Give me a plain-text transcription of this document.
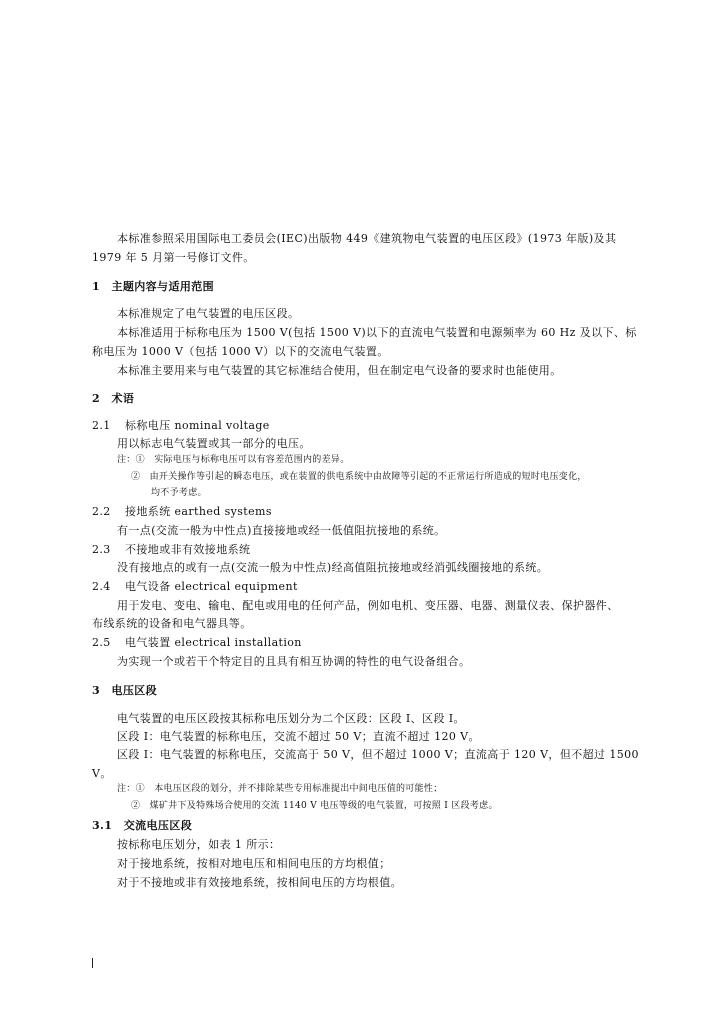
本标准参照采用国际电工委员会(IEC)出版物 449《建筑物电气装置的电压区段》(1973 年版)及其
1979 年 5 月第一号修订文件。
1　主题内容与适用范围
本标准规定了电气装置的电压区段。
本标准适用于标称电压为 1500 V(包括 1500 V)以下的直流电气装置和电源频率为 60 Hz 及以下、标
称电压为 1000 V（包括 1000 V）以下的交流电气装置。
本标准主要用来与电气装置的其它标准结合使用，但在制定电气设备的要求时也能使用。
2　术语
2.1 标称电压 nominal voltage
用以标志电气装置或其一部分的电压。
注：①　实际电压与标称电压可以有容差范围内的差异。
②　由开关操作等引起的瞬态电压，或在装置的供电系统中由故障等引起的不正常运行所造成的短时电压变化，
均不予考虑。
2.2 接地系统 earthed systems
有一点(交流一般为中性点)直接接地或经一低值阻抗接地的系统。
2.3 不接地或非有效接地系统
没有接地点的或有一点(交流一般为中性点)经高值阻抗接地或经消弧线圈接地的系统。
2.4 电气设备 electrical equipment
用于发电、变电、输电、配电或用电的任何产品，例如电机、变压器、电器、测量仪表、保护器件、
布线系统的设备和电气器具等。
2.5 电气装置 electrical installation
为实现一个或若干个特定目的且具有相互协调的特性的电气设备组合。
3　电压区段
电气装置的电压区段按其标称电压划分为二个区段：区段 I、区段 I。
区段 I：电气装置的标称电压，交流不超过 50 V；直流不超过 120 V。
区段 I：电气装置的标称电压，交流高于 50 V，但不超过 1000 V；直流高于 120 V，但不超过 1500
V。
注：①　本电压区段的划分，并不排除某些专用标准提出中间电压值的可能性；
②　煤矿井下及特殊场合使用的交流 1140 V 电压等级的电气装置，可按照 I 区段考虑。
3.1　交流电压区段
按标称电压划分，如表 1 所示：
对于接地系统，按相对地电压和相间电压的方均根值；
对于不接地或非有效接地系统，按相间电压的方均根值。
